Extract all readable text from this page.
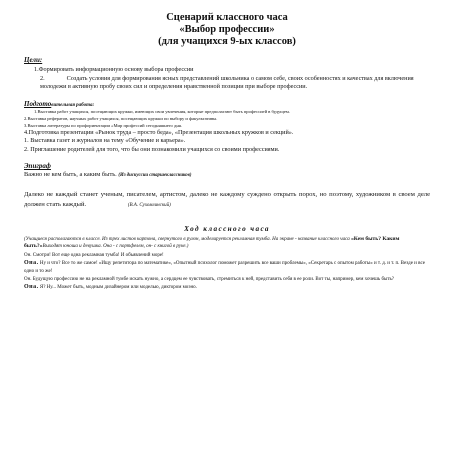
Сценарий классного часа
«Выбор профессии»
(для учащихся 9-ых классов)
Цели:
1.Формировать информационную основу выбора профессии
2.	Создать условия для формирования ясных представлений школьника о самом себе, своих особенностях и качествах для включения молодежи в активную пробу своих сил и определения нравственной позиции при выборе профессии.
Подготовительная работа:
1.Выставка работ учащихся, посещающих кружки, имеющих свои увлечения, которые предполагают быть профессией в будущем.
2.Выставка рефератов, научных работ учащихся, посещающих кружки по выбору и факультативы.
3.Выставка литературы по профориентации «Мир профессий сегодняшнего дня.
4.Подготовка презентации «Рынок труда – просто беда», «Презентация школьных кружков и секций».
1. Выставка газет и журналов на тему «Обучение и карьера».
2. Приглашение родителей для того, что бы они познакомили учащихся со своими профессиями.
Эпиграф
Важно не кем быть, а каким быть. (Из дискуссии старшеклассников)
Далеко не каждый станет ученым, писателем, артистом, далеко не каждому суждено открыть порох, но поэтому, художником в своем деле должен стать каждый.	(В.А. Сухомлинский)
Ход классного часа
(Учащиеся располагаются в классе. Из трех листов картона, свернутого в рулон, моделируется рекламная тумба. На экране - название классного часа «Кем быть? Каким быть?»Выходят юноша и девушка. Она - с портфелем, он- с книгой в руке.)
Он. Смотри! Вот еще одна рекламная тумба! И объявлений море!
Она. Ну и что? Все то же самое! «Ищу репетитора по математике», «Опытный психолог поможет разрешить все ваши проблемы», «Секретарь с опытом работы» и т. д. и т. п. Везде и все одно и то же!
Он. Будущую профессию не на рекламной тумбе искать нужно, а сердцем ее чувствовать, стремиться к ней, представить себя в ее роли. Вот ты, например, кем хочешь быть?
Она. Я? Ну... Может быть, модным дизайнером или моделью, диктором моэно.
